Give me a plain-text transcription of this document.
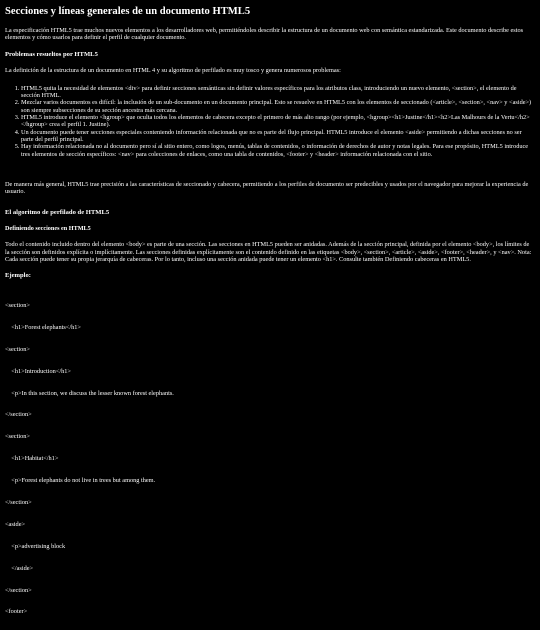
Secciones y líneas generales de un documento HTML5

La especificación HTML5 trae muchos nuevos elementos a los desarrolladores web, permitiéndoles describir la estructura de un documento web con semántica estandarizada. Este documento describe estos elementos y cómo usarlos para definir el perfil de cualquier documento.

Problemas resueltos por HTML5

La definición de la estructura de un documento en HTML 4 y su algoritmo de perfilado es muy tosco y genera numerosos problemas:

1. HTML5 quita la necesidad de elementos <div> para definir secciones semánticas sin definir valores específicos para los atributos class, introduciendo un nuevo elemento, <section>, el elemento de sección HTML.
2. Mezclar varios documentos es difícil: la inclusión de un sub-documento en un documento principal. Esto se resuelve en HTML5 con los elementos de seccionado (<article>, <section>, <nav> y <aside>) son siempre subsecciones de su sección ancestra más cercana.
3. HTML5 introduce el elemento <hgroup> que oculta todos los elementos de cabecera excepto el primero de más alto rango (por ejemplo, <hgroup><h1>Justine</h1><h2>Las Malhours de la Vertu</h2></hgroup> crea el perfil 1. Justine).
4. Un documento puede tener secciones especiales conteniendo información relacionada que no es parte del flujo principal. HTML5 introduce el elemento <aside> permitiendo a dichas secciones no ser parte del perfil principal.
5. Hay información relacionada no al documento pero sí al sitio entero, como logos, menús, tablas de contenidos, o información de derechos de autor y notas legales. Para ese propósito, HTML5 introduce tres elementos de sección específicos: <nav> para colecciones de enlaces, como una tabla de contenidos, <footer> y <header> información relacionada con el sitio.

De manera más general, HTML5 trae precisión a las características de seccionado y cabecera, permitiendo a los perfiles de documento ser predecibles y usados por el navegador para mejorar la experiencia de usuario.

El algoritmo de perfilado de HTML5
Definiendo secciones en HTML5

Todo el contenido incluido dentro del elemento <body> es parte de una sección. Las secciones en HTML5 pueden ser anidadas. Además de la sección principal, definida por el elemento <body>, los límites de la sección son definidos explícita o implícitamente. Las secciones definidas explícitamente son el contenido definido en las etiquetas <body>, <section>, <article>, <aside>, <footer>, <header>, y <nav>. Nota: Cada sección puede tener su propia jerarquía de cabeceras. Por lo tanto, incluso una sección anidada puede tener un elemento <h1>. Consulte también Definiendo cabeceras en HTML5.

Ejemplo:

<section>

<h1>Forest elephants</h1>

<section>

<h1>Introduction</h1>

<p>In this section, we discuss the lesser known forest elephants.

</section>

<section>

<h1>Habitat</h1>

<p>Forest elephants do not live in trees but among them.

</section>

<aside>

<p>advertising block

</aside>

</section>

<footer>
